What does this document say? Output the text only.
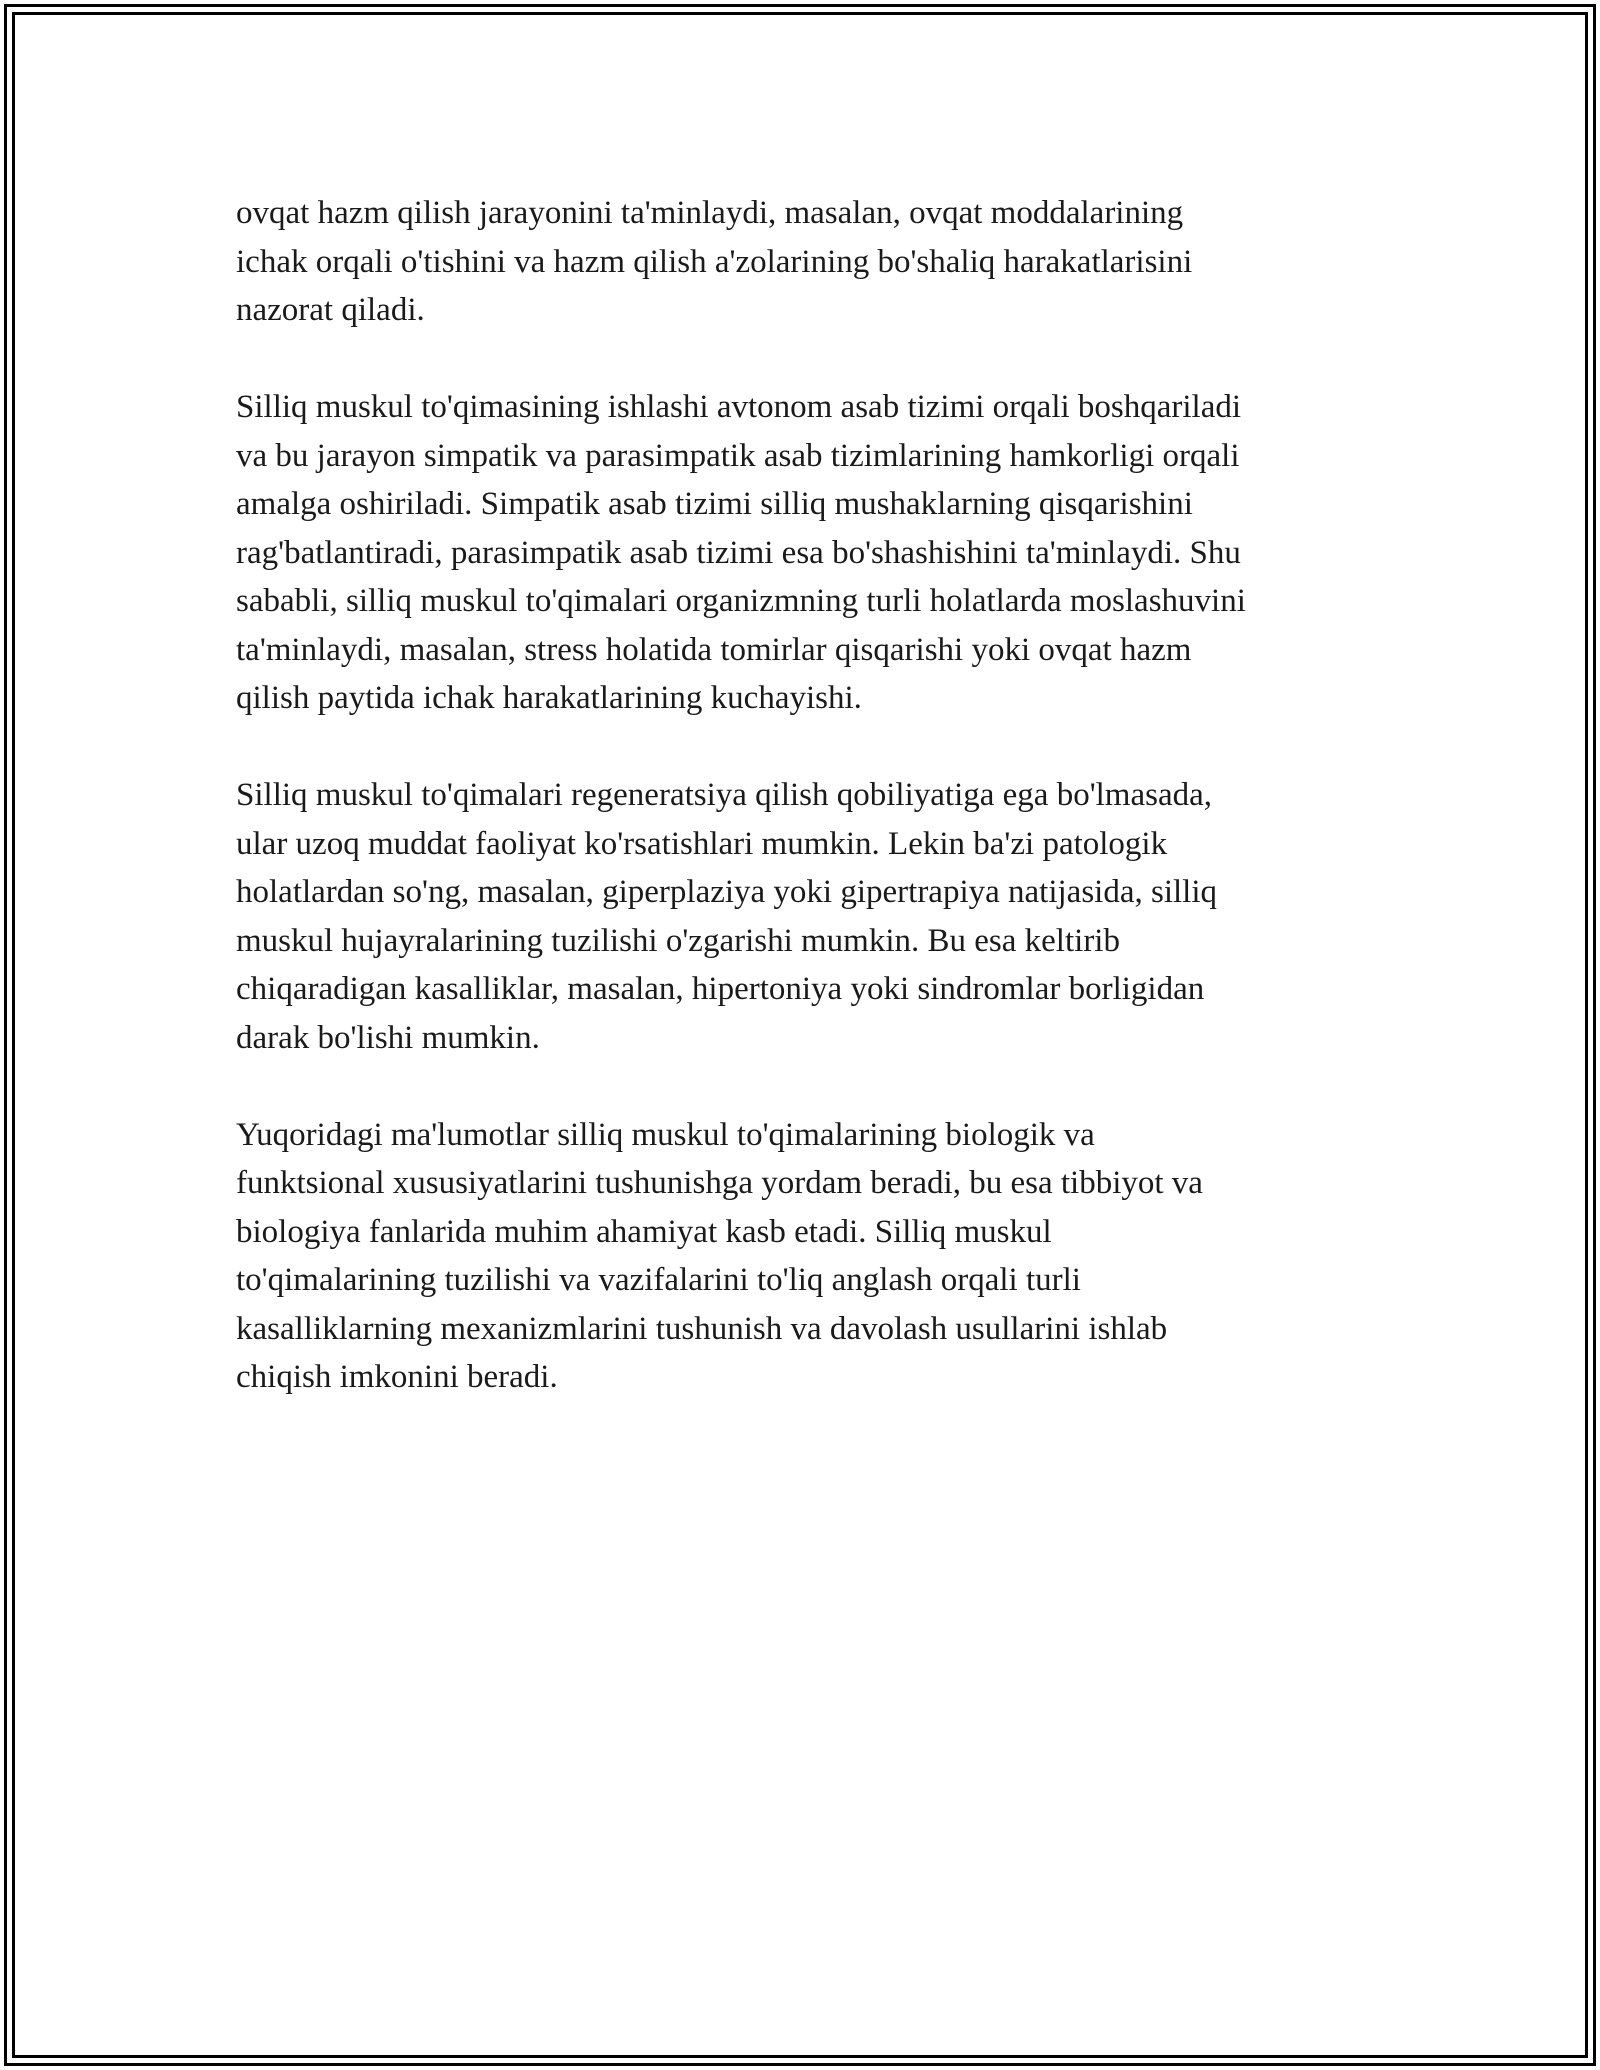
ovqat hazm qilish jarayonini ta'minlaydi, masalan, ovqat moddalarining
ichak orqali o'tishini va hazm qilish a'zolarining bo'shaliq harakatlarisini
nazorat qiladi.

Silliq muskul to'qimasining ishlashi avtonom asab tizimi orqali boshqariladi
va bu jarayon simpatik va parasimpatik asab tizimlarining hamkorligi orqali
amalga oshiriladi. Simpatik asab tizimi silliq mushaklarning qisqarishini
rag'batlantiradi, parasimpatik asab tizimi esa bo'shashishini ta'minlaydi. Shu
sababli, silliq muskul to'qimalari organizmning turli holatlarda moslashuvini
ta'minlaydi, masalan, stress holatida tomirlar qisqarishi yoki ovqat hazm
qilish paytida ichak harakatlarining kuchayishi.

Silliq muskul to'qimalari regeneratsiya qilish qobiliyatiga ega bo'lmasada,
ular uzoq muddat faoliyat ko'rsatishlari mumkin. Lekin ba'zi patologik
holatlardan so'ng, masalan, giperplaziya yoki gipertrapiya natijasida, silliq
muskul hujayralarining tuzilishi o'zgarishi mumkin. Bu esa keltirib
chiqaradigan kasalliklar, masalan, hipertoniya yoki sindromlar borligidan
darak bo'lishi mumkin.

Yuqoridagi ma'lumotlar silliq muskul to'qimalarining biologik va
funktsional xususiyatlarini tushunishga yordam beradi, bu esa tibbiyot va
biologiya fanlarida muhim ahamiyat kasb etadi. Silliq muskul
to'qimalarining tuzilishi va vazifalarini to'liq anglash orqali turli
kasalliklarning mexanizmlarini tushunish va davolash usullarini ishlab
chiqish imkonini beradi.
